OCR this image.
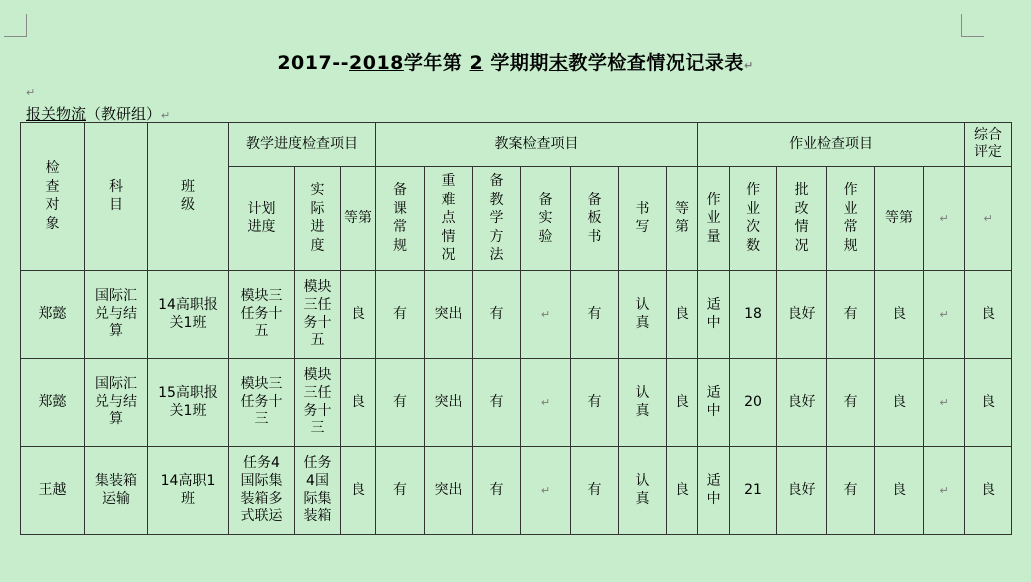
2017--2018学年第 2 学期期末教学检查情况记录表↵
↵
报关物流（教研组）↵
检查对象	科目	班级	教学进度检查项目			教案检查项目							作业检查项目						综合评定
			计划进度	实际进度	等第	备课常规	重难点情况	备教学方法	备实验	备板书	书写	等第	作业量	作业次数	批改情况	作业常规	等第	↵	↵
郑懿	国际汇兑与结算	14高职报关1班	模块三任务十五	模块三任务十五	良	有	突出	有	↵	有	认真	良	适中	18	良好	有	良	↵	良
郑懿	国际汇兑与结算	15高职报关1班	模块三任务十三	模块三任务十三	良	有	突出	有	↵	有	认真	良	适中	20	良好	有	良	↵	良
王越	集装箱运输	14高职1班	任务4国际集装箱多式联运	任务4国际集装箱	良	有	突出	有	↵	有	认真	良	适中	21	良好	有	良	↵	良
